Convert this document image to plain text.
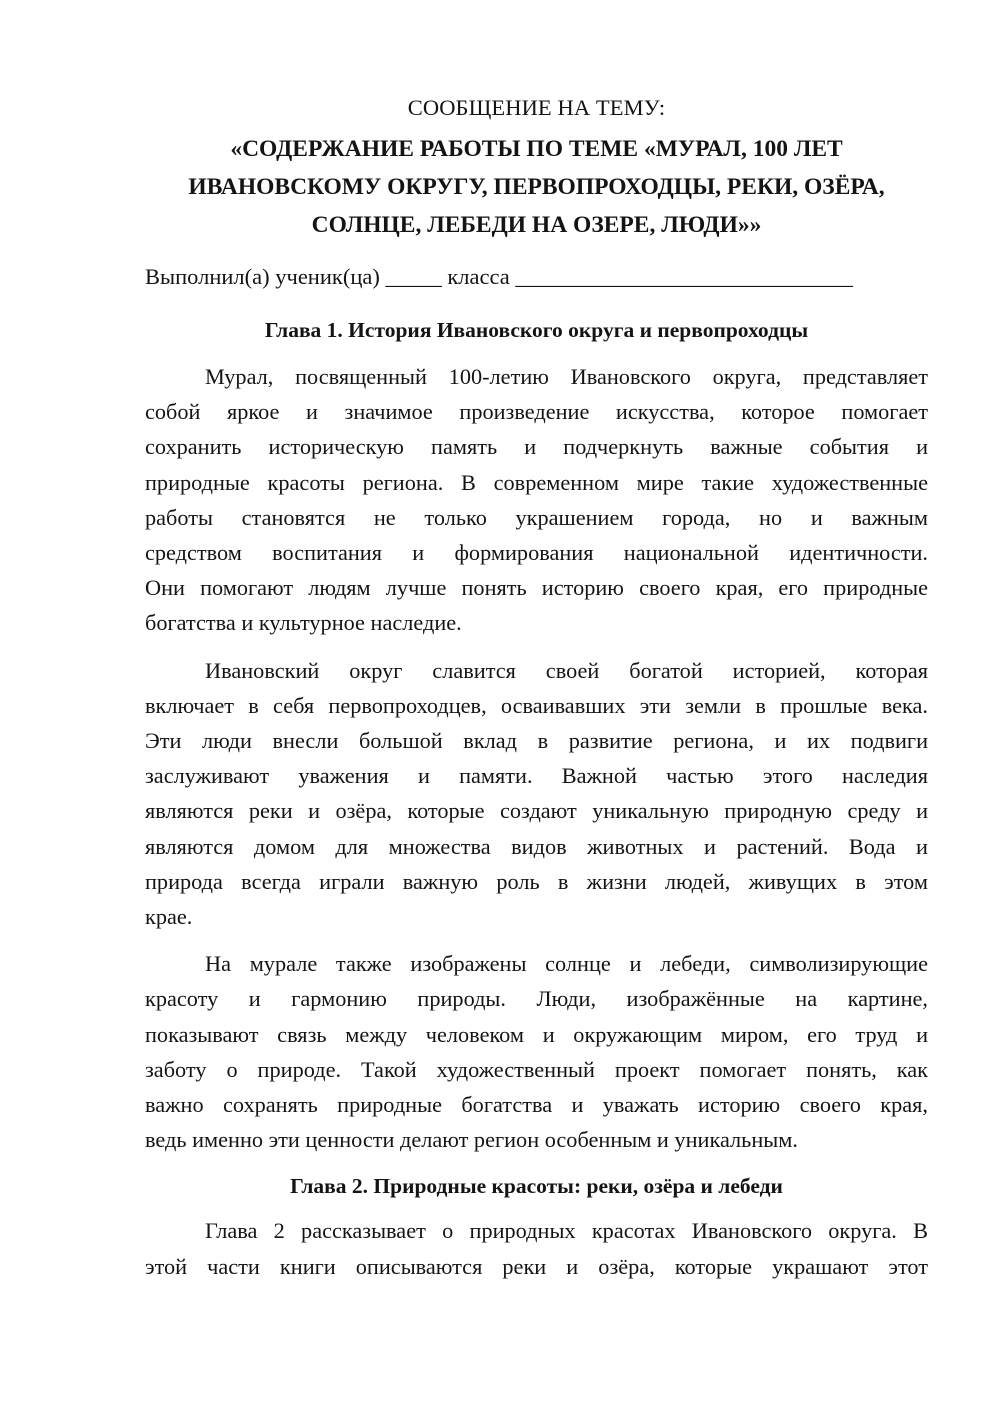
СООБЩЕНИЕ НА ТЕМУ:
«СОДЕРЖАНИЕ РАБОТЫ ПО ТЕМЕ «МУРАЛ, 100 ЛЕТ
ИВАНОВСКОМУ ОКРУГУ, ПЕРВОПРОХОДЦЫ, РЕКИ, ОЗЁРА,
СОЛНЦЕ, ЛЕБЕДИ НА ОЗЕРЕ, ЛЮДИ»»

Выполнил(а) ученик(ца) _____ класса ______________________________

Глава 1. История Ивановского округа и первопроходцы

Мурал, посвященный 100-летию Ивановского округа, представляет
собой яркое и значимое произведение искусства, которое помогает
сохранить историческую память и подчеркнуть важные события и
природные красоты региона. В современном мире такие художественные
работы становятся не только украшением города, но и важным
средством воспитания и формирования национальной идентичности.
Они помогают людям лучше понять историю своего края, его природные
богатства и культурное наследие.

Ивановский округ славится своей богатой историей, которая
включает в себя первопроходцев, осваивавших эти земли в прошлые века.
Эти люди внесли большой вклад в развитие региона, и их подвиги
заслуживают уважения и памяти. Важной частью этого наследия
являются реки и озёра, которые создают уникальную природную среду и
являются домом для множества видов животных и растений. Вода и
природа всегда играли важную роль в жизни людей, живущих в этом
крае.

На мурале также изображены солнце и лебеди, символизирующие
красоту и гармонию природы. Люди, изображённые на картине,
показывают связь между человеком и окружающим миром, его труд и
заботу о природе. Такой художественный проект помогает понять, как
важно сохранять природные богатства и уважать историю своего края,
ведь именно эти ценности делают регион особенным и уникальным.

Глава 2. Природные красоты: реки, озёра и лебеди

Глава 2 рассказывает о природных красотах Ивановского округа. В
этой части книги описываются реки и озёра, которые украшают этот
